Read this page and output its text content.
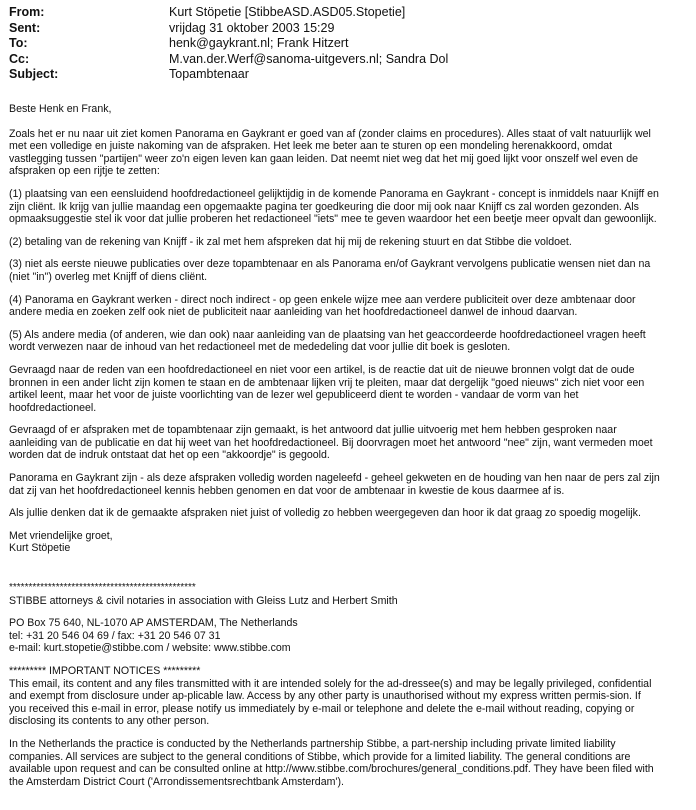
From:	Kurt Stöpetie [StibbeASD.ASD05.Stopetie]
Sent:	vrijdag 31 oktober 2003 15:29
To:	henk@gaykrant.nl; Frank Hitzert
Cc:	M.van.der.Werf@sanoma-uitgevers.nl; Sandra Dol
Subject:	Topambtenaar

Beste Henk en Frank,

Zoals het er nu naar uit ziet komen Panorama en Gaykrant er goed van af (zonder claims en procedures). Alles staat of valt natuurlijk wel
met een volledige en juiste nakoming van de afspraken. Het leek me beter aan te sturen op een mondeling herenakkoord, omdat
vastlegging tussen "partijen" weer zo'n eigen leven kan gaan leiden. Dat neemt niet weg dat het mij goed lijkt voor onszelf wel even de
afspraken op een rijtje te zetten:

(1) plaatsing van een eensluidend hoofdredactioneel gelijktijdig in de komende Panorama en Gaykrant - concept is inmiddels naar Knijff en
zijn cliënt. Ik krijg van jullie maandag een opgemaakte pagina ter goedkeuring die door mij ook naar Knijff cs zal worden gezonden. Als
opmaaksuggestie stel ik voor dat jullie proberen het redactioneel "iets" mee te geven waardoor het een beetje meer opvalt dan gewoonlijk.

(2) betaling van de rekening van Knijff - ik zal met hem afspreken dat hij mij de rekening stuurt en dat Stibbe die voldoet.

(3) niet als eerste nieuwe publicaties over deze topambtenaar en als Panorama en/of Gaykrant vervolgens publicatie wensen niet dan na
(niet "in") overleg met Knijff of diens cliënt.

(4) Panorama en Gaykrant werken - direct noch indirect - op geen enkele wijze mee aan verdere publiciteit over deze ambtenaar door
andere media en zoeken zelf ook niet de publiciteit naar aanleiding van het hoofdredactioneel danwel de inhoud daarvan.

(5) Als andere media (of anderen, wie dan ook) naar aanleiding van de plaatsing van het geaccordeerde hoofdredactioneel vragen heeft
wordt verwezen naar de inhoud van het redactioneel met de mededeling dat voor jullie dit boek is gesloten.

Gevraagd naar de reden van een hoofdredactioneel en niet voor een artikel, is de reactie dat uit de nieuwe bronnen volgt dat de oude
bronnen in een ander licht zijn komen te staan en de ambtenaar lijken vrij te pleiten, maar dat dergelijk "goed nieuws" zich niet voor een
artikel leent, maar het voor de juiste voorlichting van de lezer wel gepubliceerd dient te worden - vandaar de vorm van het
hoofdredactioneel.

Gevraagd of er afspraken met de topambtenaar zijn gemaakt, is het antwoord dat jullie uitvoerig met hem hebben gesproken naar
aanleiding van de publicatie en dat hij weet van het hoofdredactioneel. Bij doorvragen moet het antwoord "nee" zijn, want vermeden moet
worden dat de indruk ontstaat dat het op een "akkoordje" is gegoold.

Panorama en Gaykrant zijn - als deze afspraken volledig worden nageleefd - geheel gekweten en de houding van hen naar de pers zal zijn
dat zij van het hoofdredactioneel kennis hebben genomen en dat voor de ambtenaar in kwestie de kous daarmee af is.

Als jullie denken dat ik de gemaakte afspraken niet juist of volledig zo hebben weergegeven dan hoor ik dat graag zo spoedig mogelijk.

Met vriendelijke groet,
Kurt Stöpetie

************************************************

STIBBE attorneys & civil notaries in association with Gleiss Lutz and Herbert Smith

PO Box 75 640, NL-1070 AP AMSTERDAM, The Netherlands

tel: +31 20 546 04 69 / fax: +31 20 546 07 31

e-mail: kurt.stopetie@stibbe.com / website: www.stibbe.com

********* IMPORTANT NOTICES *********

This email, its content and any files transmitted with it are intended solely for the ad-dressee(s) and may be legally privileged, confidential
and exempt from disclosure under ap-plicable law. Access by any other party is unauthorised without my express written permis-sion. If
you received this e-mail in error, please notify us immediately by e-mail or telephone and delete the e-mail without reading, copying or
disclosing its contents to any other person.

In the Netherlands the practice is conducted by the Netherlands partnership Stibbe, a part-nership including private limited liability
companies. All services are subject to the general conditions of Stibbe, which provide for a limited liability. The general conditions are
available upon request and can be consulted online at http://www.stibbe.com/brochures/general_conditions.pdf. They have been filed with
the Amsterdam District Court ('Arrondissementsrechtbank Amsterdam').
